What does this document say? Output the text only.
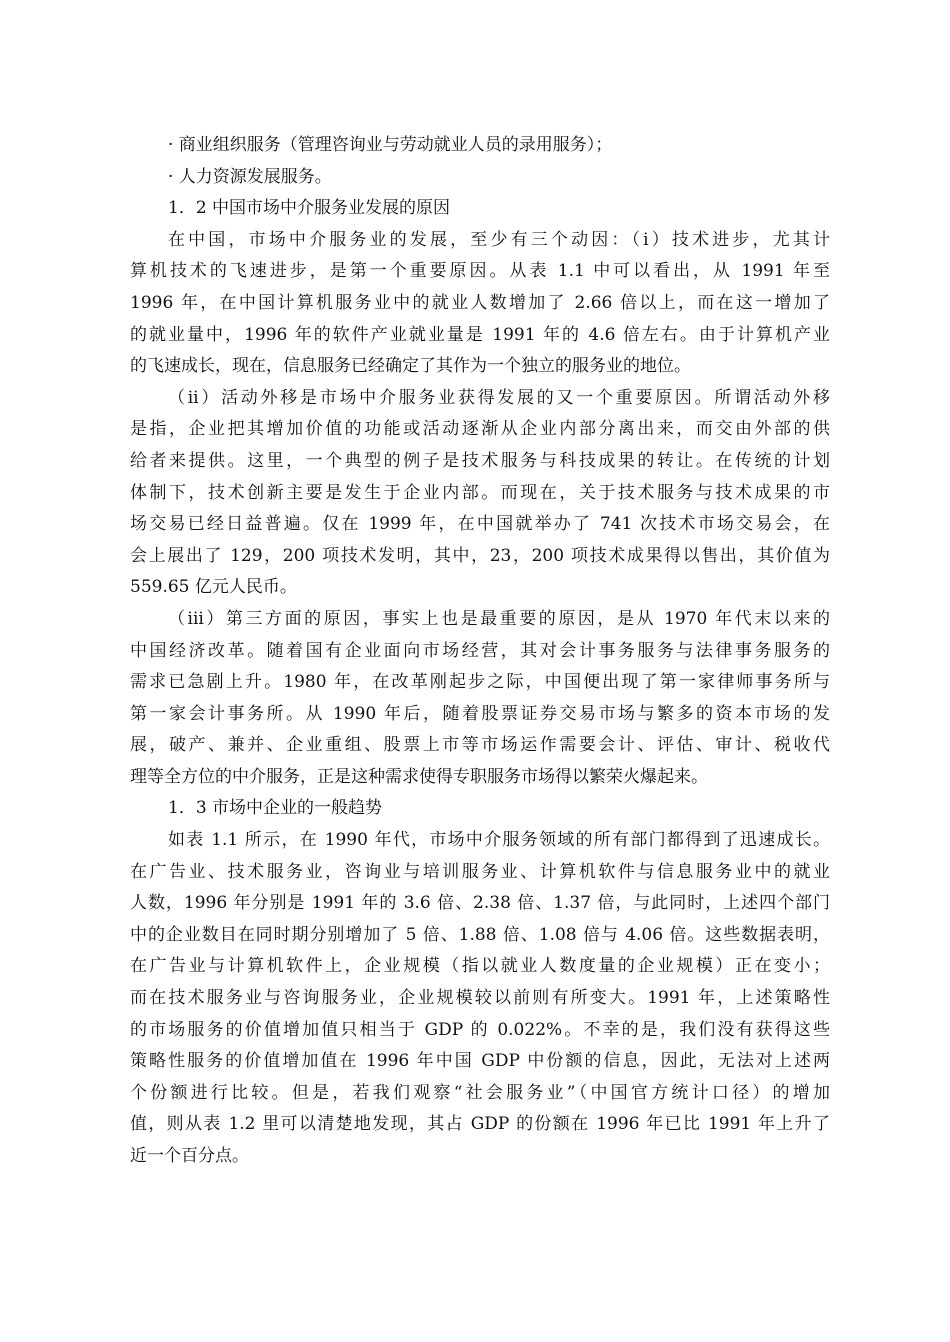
· 商业组织服务（管理咨询业与劳动就业人员的录用服务）；
· 人力资源发展服务。
1．2 中国市场中介服务业发展的原因
在中国，市场中介服务业的发展，至少有三个动因：（i）技术进步，尤其计
算机技术的飞速进步，是第一个重要原因。从表 1.1 中可以看出，从 1991 年至
1996 年，在中国计算机服务业中的就业人数增加了 2.66 倍以上，而在这一增加了
的就业量中，1996 年的软件产业就业量是 1991 年的 4.6 倍左右。由于计算机产业
的飞速成长，现在，信息服务已经确定了其作为一个独立的服务业的地位。
（ii）活动外移是市场中介服务业获得发展的又一个重要原因。所谓活动外移
是指，企业把其增加价值的功能或活动逐渐从企业内部分离出来，而交由外部的供
给者来提供。这里，一个典型的例子是技术服务与科技成果的转让。在传统的计划
体制下，技术创新主要是发生于企业内部。而现在，关于技术服务与技术成果的市
场交易已经日益普遍。仅在 1999 年，在中国就举办了 741 次技术市场交易会，在
会上展出了 129，200 项技术发明，其中，23，200 项技术成果得以售出，其价值为
559.65 亿元人民币。
（iii）第三方面的原因，事实上也是最重要的原因，是从 1970 年代末以来的
中国经济改革。随着国有企业面向市场经营，其对会计事务服务与法律事务服务的
需求已急剧上升。1980 年，在改革刚起步之际，中国便出现了第一家律师事务所与
第一家会计事务所。从 1990 年后，随着股票证券交易市场与繁多的资本市场的发
展，破产、兼并、企业重组、股票上市等市场运作需要会计、评估、审计、税收代
理等全方位的中介服务，正是这种需求使得专职服务市场得以繁荣火爆起来。
1．3 市场中企业的一般趋势
如表 1.1 所示，在 1990 年代，市场中介服务领域的所有部门都得到了迅速成长。
在广告业、技术服务业，咨询业与培训服务业、计算机软件与信息服务业中的就业
人数，1996 年分别是 1991 年的 3.6 倍、2.38 倍、1.37 倍，与此同时，上述四个部门
中的企业数目在同时期分别增加了 5 倍、1.88 倍、1.08 倍与 4.06 倍。这些数据表明，
在广告业与计算机软件上，企业规模（指以就业人数度量的企业规模）正在变小；
而在技术服务业与咨询服务业，企业规模较以前则有所变大。1991 年，上述策略性
的市场服务的价值增加值只相当于 GDP 的 0.022%。不幸的是，我们没有获得这些
策略性服务的价值增加值在 1996 年中国 GDP 中份额的信息，因此，无法对上述两
个份额进行比较。但是，若我们观察“社会服务业”（中国官方统计口径）的增加
值，则从表 1.2 里可以清楚地发现，其占 GDP 的份额在 1996 年已比 1991 年上升了
近一个百分点。
